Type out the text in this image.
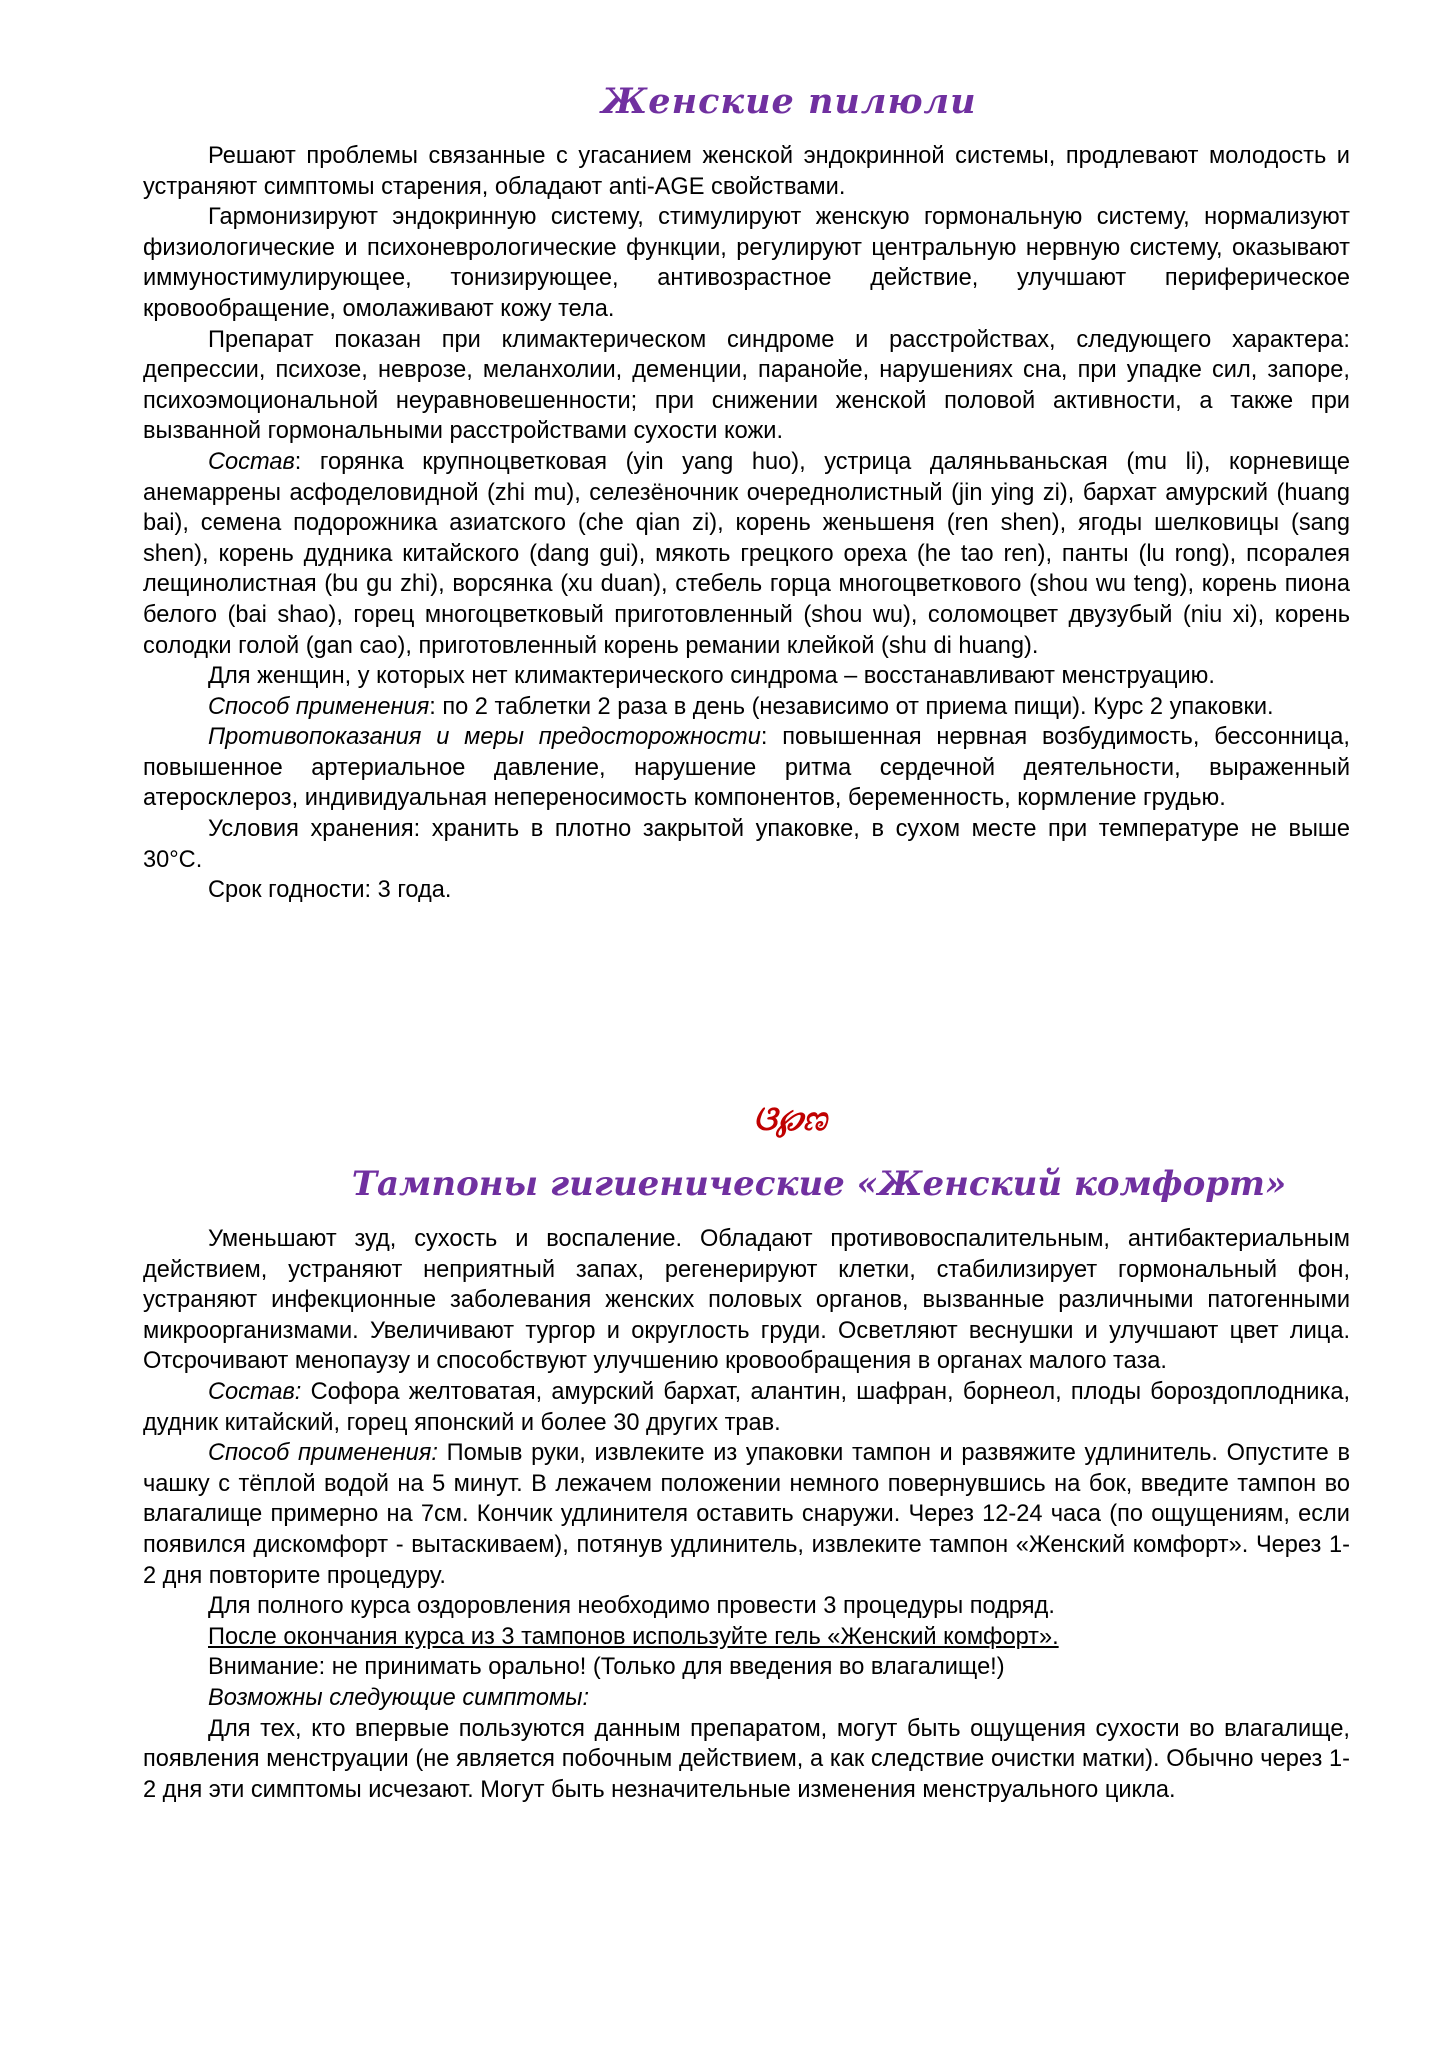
Женские пилюли

Решают проблемы связанные с угасанием женской эндокринной системы, продлевают молодость и устраняют симптомы старения, обладают anti-AGE свойствами.

Гармонизируют эндокринную систему, стимулируют женскую гормональную систему, нормализуют физиологические и психоневрологические функции, регулируют центральную нервную систему, оказывают иммуностимулирующее, тонизирующее, антивозрастное действие, улучшают периферическое кровообращение, омолаживают кожу тела.

Препарат показан при климактерическом синдроме и расстройствах, следующего характера: депрессии, психозе, неврозе, меланхолии, деменции, паранойе, нарушениях сна, при упадке сил, запоре, психоэмоциональной неуравновешенности; при снижении женской половой активности, а также при вызванной гормональными расстройствами сухости кожи.

Состав: горянка крупноцветковая (yin yang huo), устрица даляньваньская (mu li), корневище анемаррены асфоделовидной (zhi mu), селезёночник очереднолистный (jin ying zi), бархат амурский (huang bai), семена подорожника азиатского (che qian zi), корень женьшеня (ren shen), ягоды шелковицы (sang shen), корень дудника китайского (dang gui), мякоть грецкого ореха (he tao ren), панты (lu rong), псоралея лещинолистная (bu gu zhi), ворсянка (xu duan), стебель горца многоцветкового (shou wu teng), корень пиона белого (bai shao), горец многоцветковый приготовленный (shou wu), соломоцвет двузубый (niu xi), корень солодки голой (gan cao), приготовленный корень ремании клейкой (shu di huang).

Для женщин, у которых нет климактерического синдрома – восстанавливают менструацию.

Способ применения: по 2 таблетки 2 раза в день (независимо от приема пищи). Курс 2 упаковки.

Противопоказания и меры предосторожности: повышенная нервная возбудимость, бессонница, повышенное артериальное давление, нарушение ритма сердечной деятельности, выраженный атеросклероз, индивидуальная непереносимость компонентов, беременность, кормление грудью.

Условия хранения: хранить в плотно закрытой упаковке, в сухом месте при температуре не выше 30°С.

Срок годности: 3 года.

ଓ℘ಣ
Тампоны гигиенические «Женский комфорт»

Уменьшают зуд, сухость и воспаление. Обладают противовоспалительным, антибактериальным действием, устраняют неприятный запах, регенерируют клетки, стабилизирует гормональный фон, устраняют инфекционные заболевания женских половых органов, вызванные различными патогенными микроорганизмами. Увеличивают тургор и округлость груди. Осветляют веснушки и улучшают цвет лица. Отсрочивают менопаузу и способствуют улучшению кровообращения в органах малого таза.

Состав: Софора желтоватая, амурский бархат, алантин, шафран, борнеол, плоды бороздоплодника, дудник китайский, горец японский и более 30 других трав.

Способ применения: Помыв руки, извлеките из упаковки тампон и развяжите удлинитель. Опустите в чашку с тёплой водой на 5 минут. В лежачем положении немного повернувшись на бок, введите тампон во влагалище примерно на 7см. Кончик удлинителя оставить снаружи. Через 12-24 часа (по ощущениям, если появился дискомфорт - вытаскиваем), потянув удлинитель, извлеките тампон «Женский комфорт». Через 1-2 дня повторите процедуру.

Для полного курса оздоровления необходимо провести 3 процедуры подряд.

После окончания курса из 3 тампонов используйте гель «Женский комфорт».

Внимание: не принимать орально! (Только для введения во влагалище!)

Возможны следующие симптомы:

Для тех, кто впервые пользуются данным препаратом, могут быть ощущения сухости во влагалище, появления менструации (не является побочным действием, а как следствие очистки матки). Обычно через 1-2 дня эти симптомы исчезают. Могут быть незначительные изменения менструального цикла.
